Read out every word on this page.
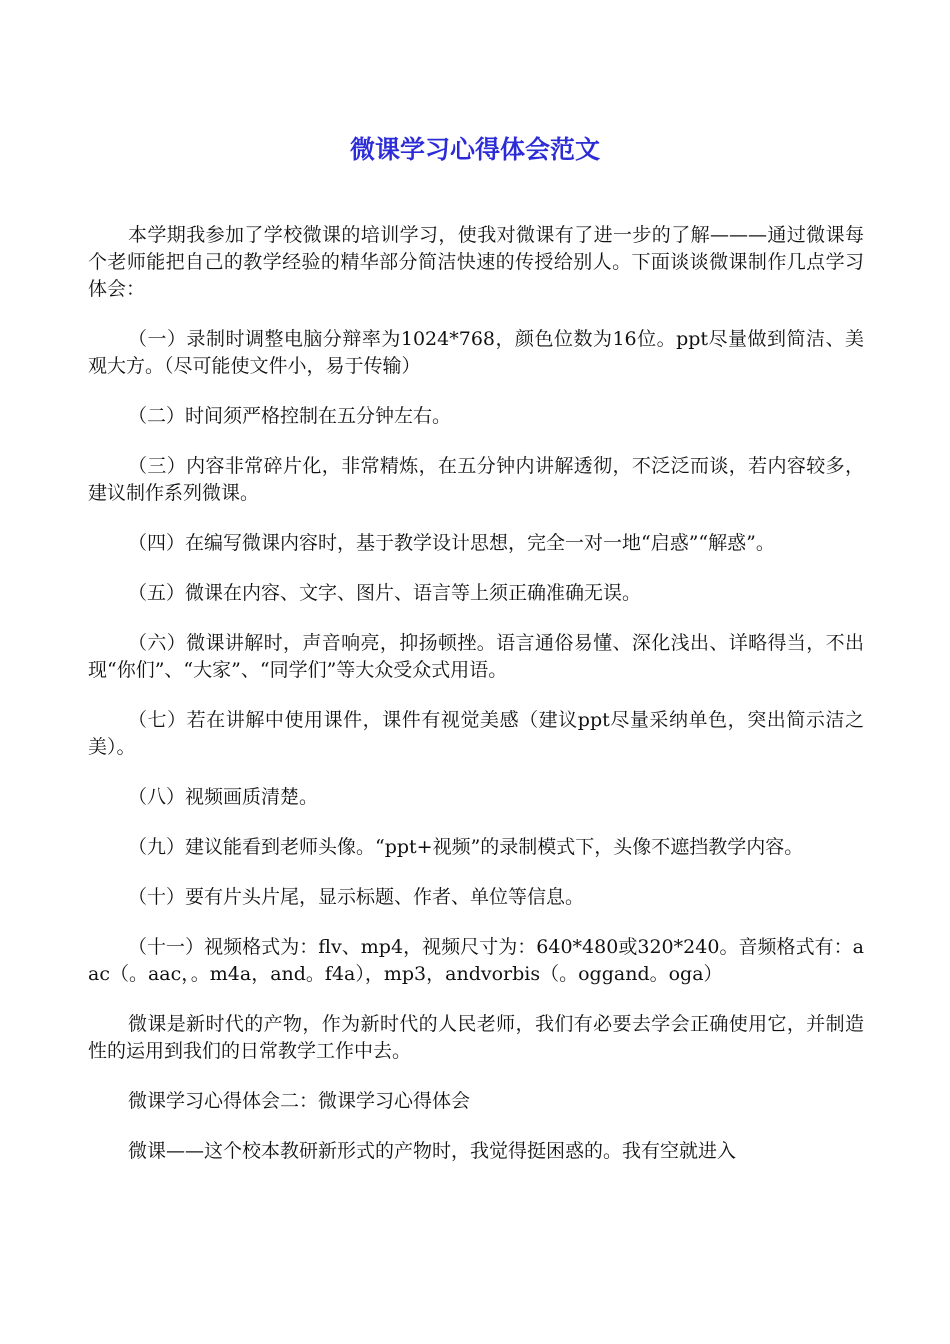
微课学习心得体会范文

本学期我参加了学校微课的培训学习，使我对微课有了进一步的了解———通过微课每个老师能把自己的教学经验的精华部分简洁快速的传授给别人。下面谈谈微课制作几点学习体会：

（一）录制时调整电脑分辩率为1024*768，颜色位数为16位。ppt尽量做到简洁、美观大方。（尽可能使文件小，易于传输）

（二）时间须严格控制在五分钟左右。

（三）内容非常碎片化，非常精炼，在五分钟内讲解透彻，不泛泛而谈，若内容较多，建议制作系列微课。

（四）在编写微课内容时，基于教学设计思想，完全一对一地“启惑”“解惑”。

（五）微课在内容、文字、图片、语言等上须正确准确无误。

（六）微课讲解时，声音响亮，抑扬顿挫。语言通俗易懂、深化浅出、详略得当，不出现“你们”、“大家”、“同学们”等大众受众式用语。

（七）若在讲解中使用课件，课件有视觉美感（建议ppt尽量采纳单色，突出简示洁之美）。

（八）视频画质清楚。

（九）建议能看到老师头像。“ppt+视频”的录制模式下，头像不遮挡教学内容。

（十）要有片头片尾，显示标题、作者、单位等信息。

（十一）视频格式为：flv、mp4，视频尺寸为：640*480或320*240。音频格式有：aac（。aac，。m4a，and。f4a），mp3，andvorbis（。oggand。oga）

微课是新时代的产物，作为新时代的人民老师，我们有必要去学会正确使用它，并制造性的运用到我们的日常教学工作中去。

微课学习心得体会二：微课学习心得体会

微课——这个校本教研新形式的产物时，我觉得挺困惑的。我有空就进入
